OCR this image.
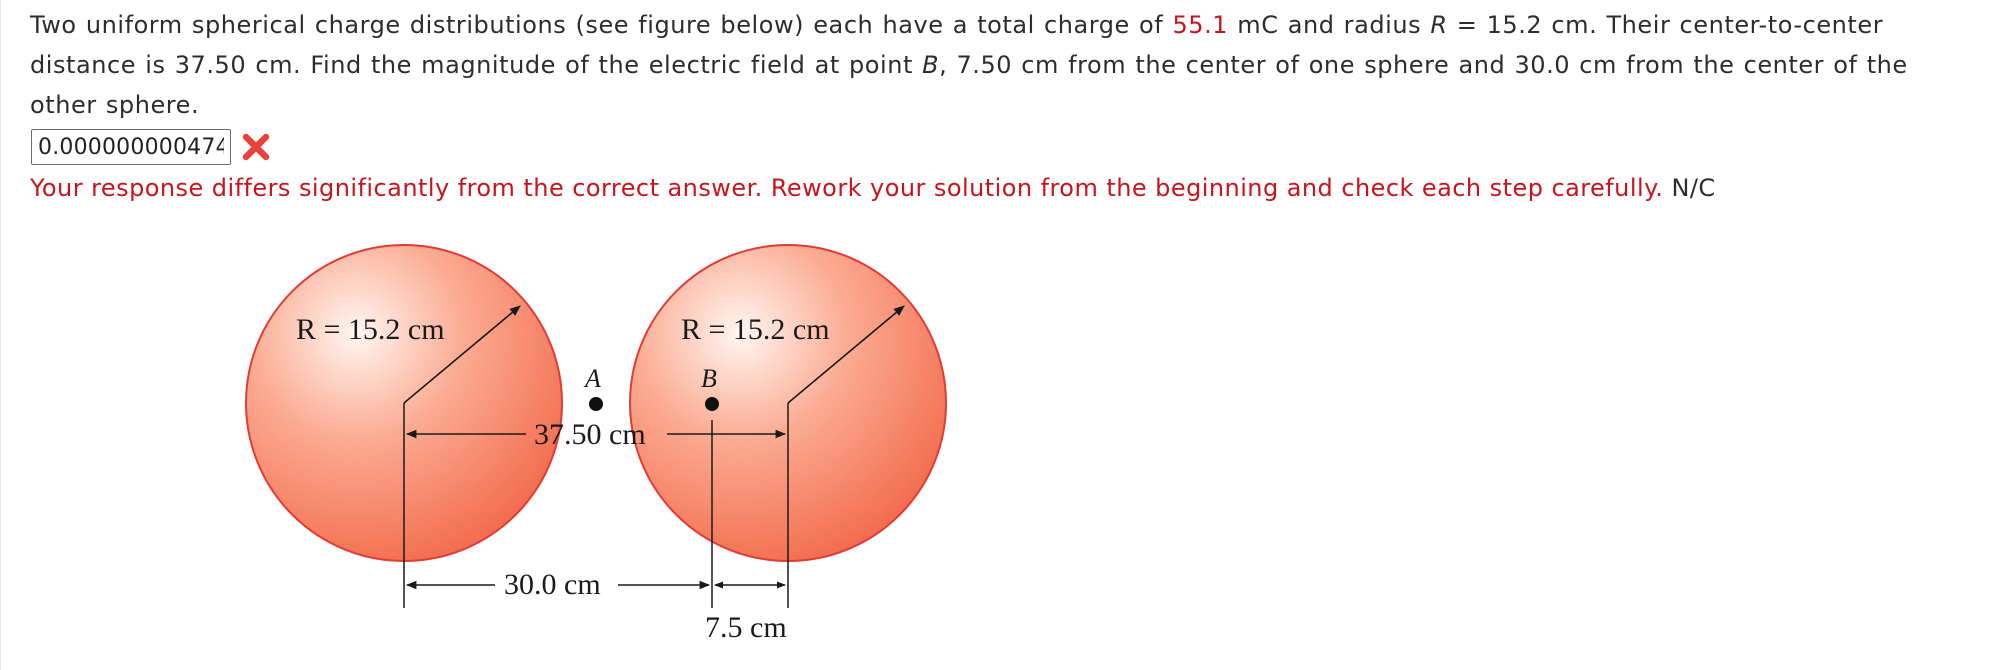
Two uniform spherical charge distributions (see figure below) each have a total charge of 55.1 mC and radius R = 15.2 cm. Their center-to-center distance is 37.50 cm. Find the magnitude of the electric field at point B, 7.50 cm from the center of one sphere and 30.0 cm from the center of the other sphere.
0.000000000474
Your response differs significantly from the correct answer. Rework your solution from the beginning and check each step carefully. N/C
R = 15.2 cm	R = 15.2 cm
A	B
37.50 cm
30.0 cm
7.5 cm
